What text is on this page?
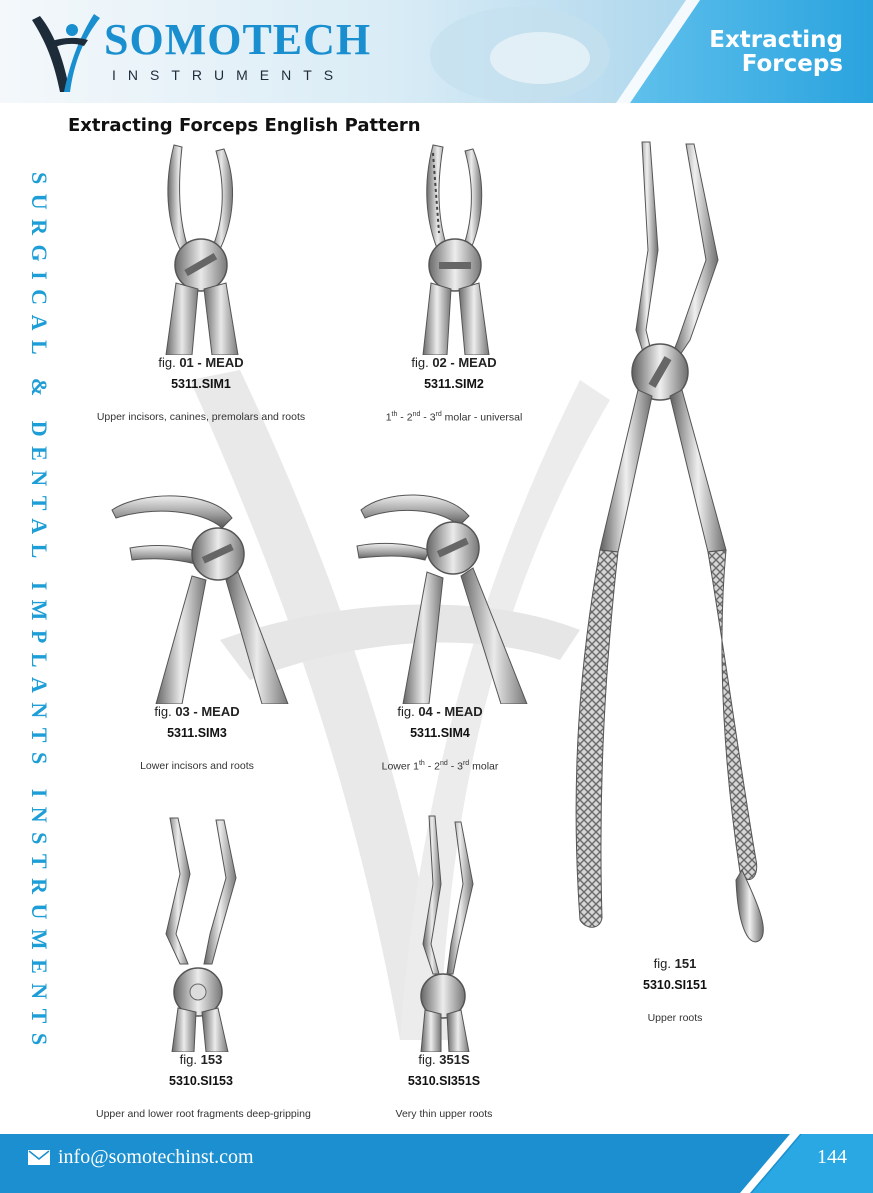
SOMOTECH
INSTRUMENTS
Extracting
Forceps
SURGICAL & DENTAL IMPLANTS INSTRUMENTS
Extracting Forceps English Pattern
fig. 01 - MEAD
5311.SIM1
Upper incisors, canines, premolars and roots
fig. 02 - MEAD
5311.SIM2
1th - 2nd - 3rd molar - universal
fig. 03 - MEAD
5311.SIM3
Lower incisors and roots
fig. 04 - MEAD
5311.SIM4
Lower 1th - 2nd - 3rd molar
fig. 153
5310.SI153
Upper and lower root fragments deep-gripping
fig. 351S
5310.SI351S
Very thin upper roots
fig. 151
5310.SI151
Upper roots
info@somotechinst.com	144
